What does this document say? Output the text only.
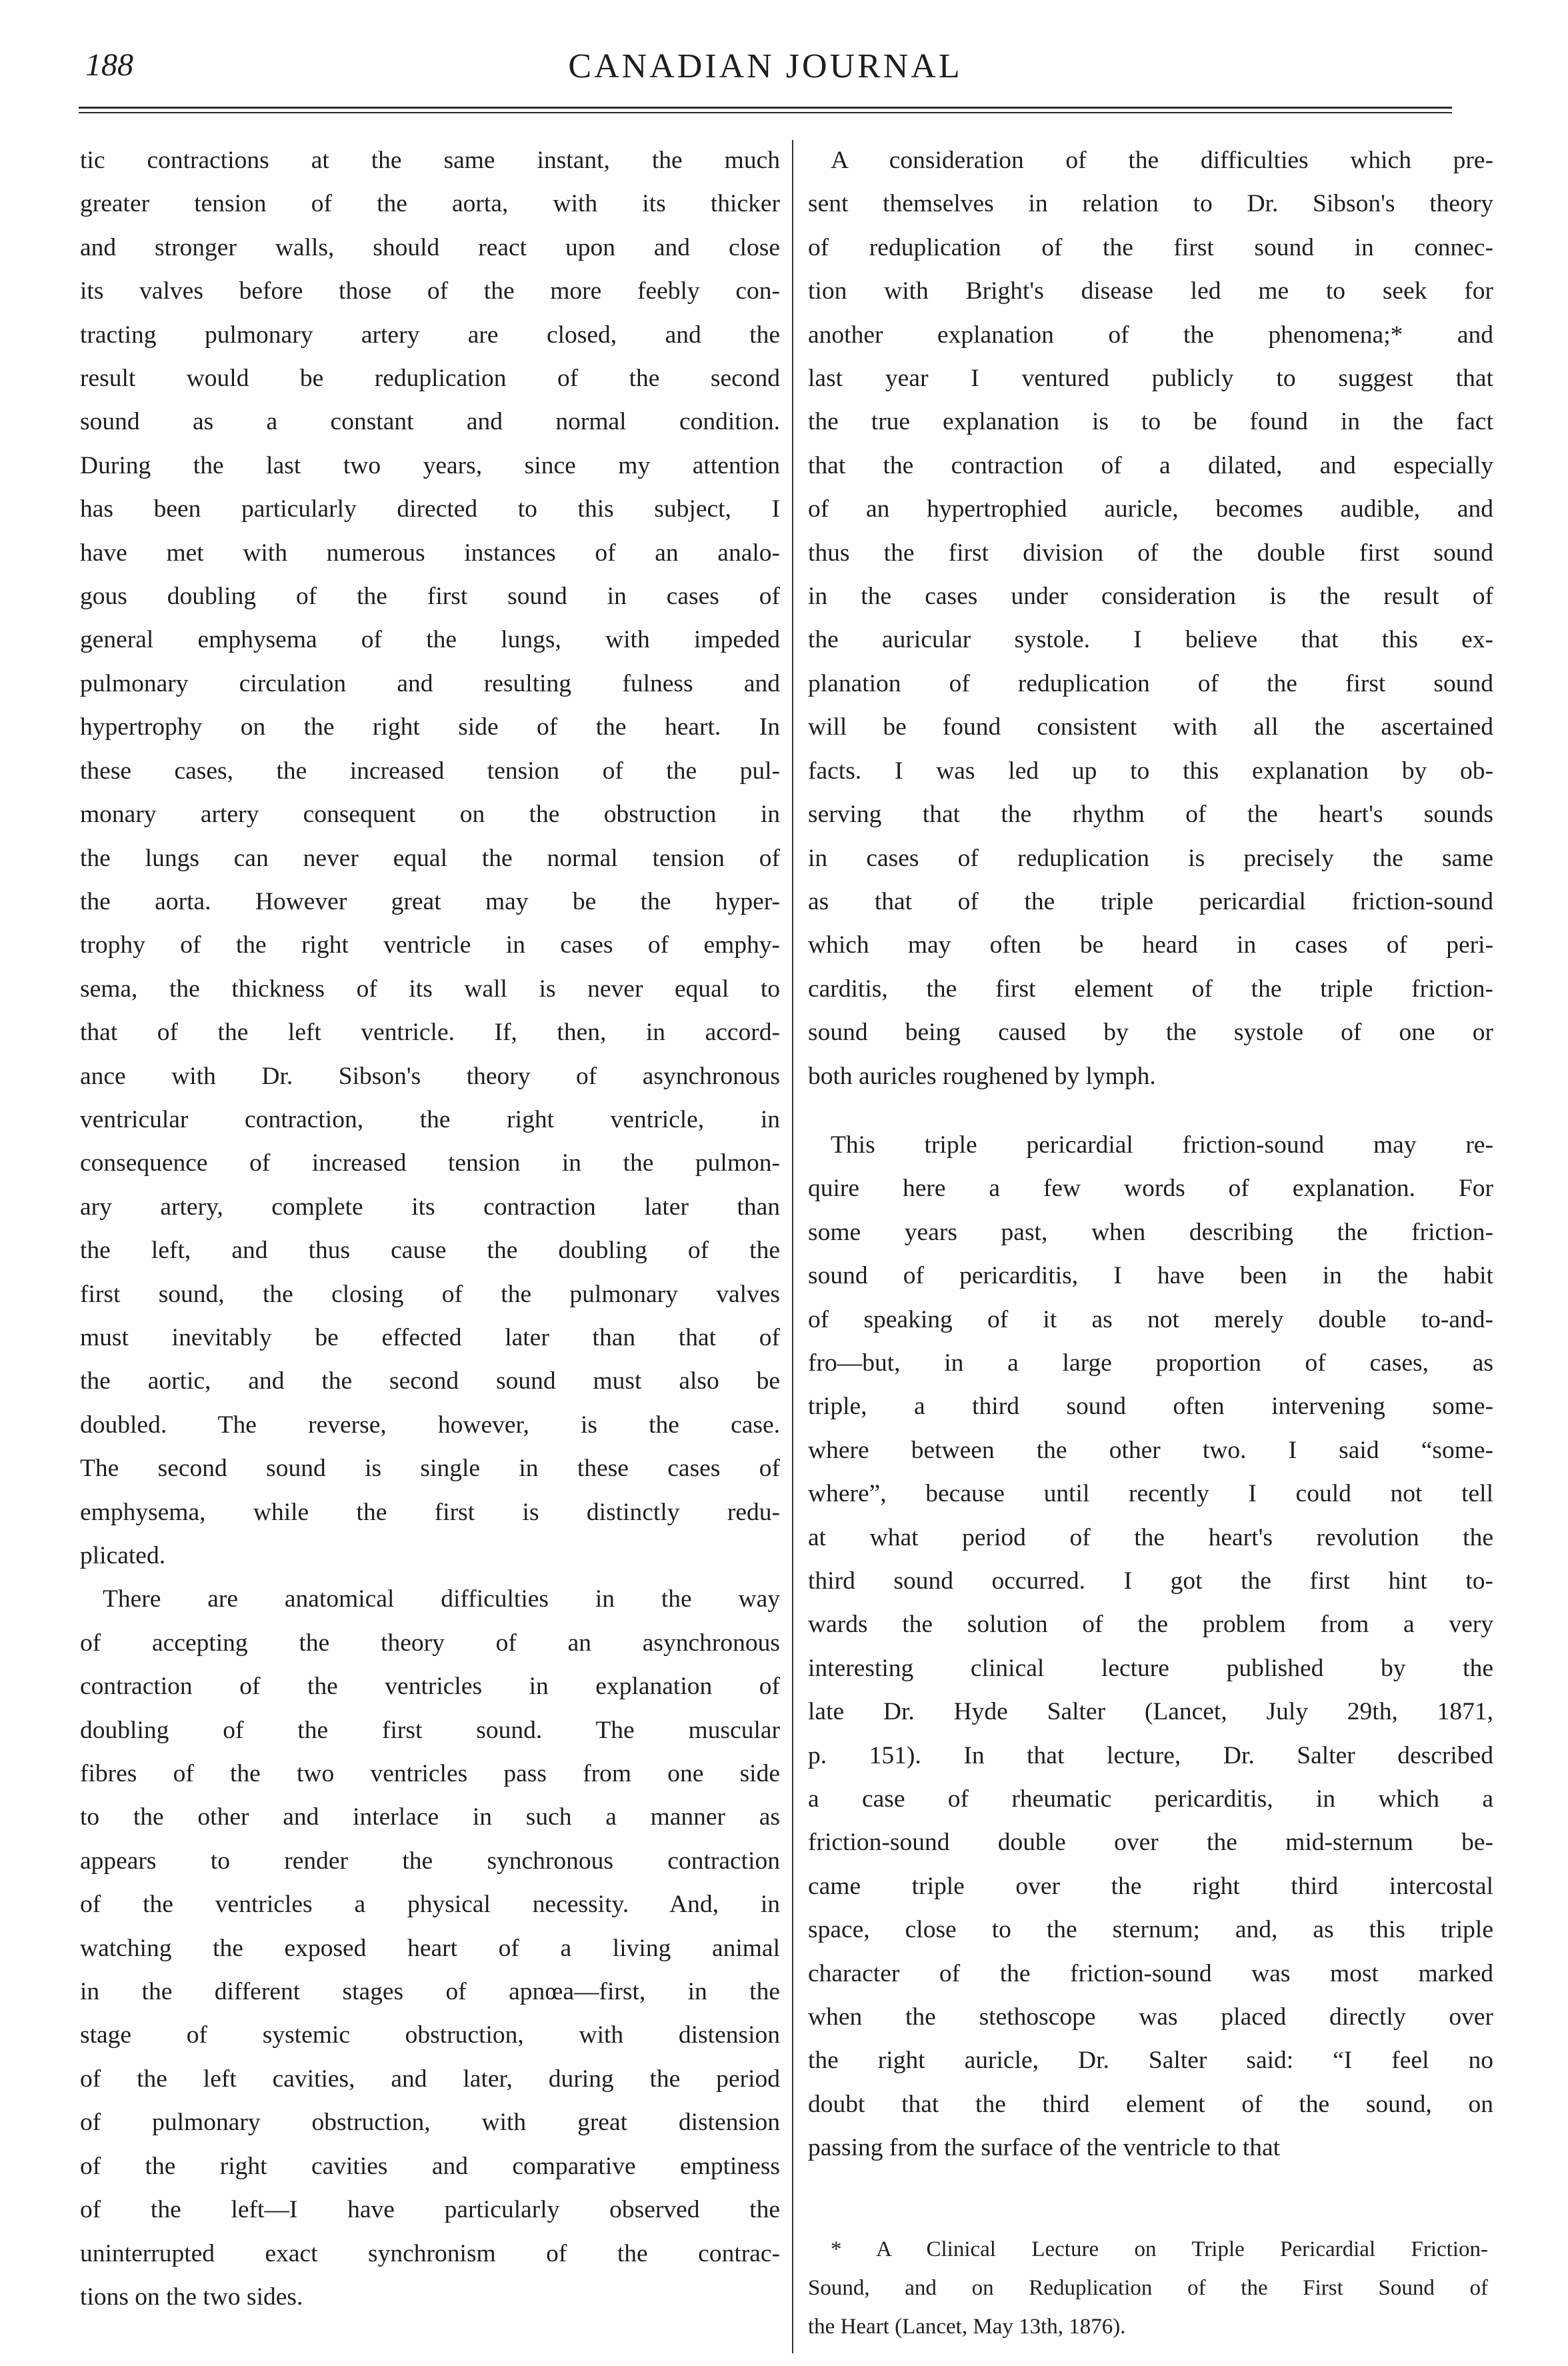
188	CANADIAN JOURNAL
tic contractions at the same instant, the much
greater tension of the aorta, with its thicker
and stronger walls, should react upon and close
its valves before those of the more feebly con-
tracting pulmonary artery are closed, and the
result would be reduplication of the second
sound as a constant and normal condition.
During the last two years, since my attention
has been particularly directed to this subject, I
have met with numerous instances of an analo-
gous doubling of the first sound in cases of
general emphysema of the lungs, with impeded
pulmonary circulation and resulting fulness and
hypertrophy on the right side of the heart. In
these cases, the increased tension of the pul-
monary artery consequent on the obstruction in
the lungs can never equal the normal tension of
the aorta. However great may be the hyper-
trophy of the right ventricle in cases of emphy-
sema, the thickness of its wall is never equal to
that of the left ventricle. If, then, in accord-
ance with Dr. Sibson's theory of asynchronous
ventricular contraction, the right ventricle, in
consequence of increased tension in the pulmon-
ary artery, complete its contraction later than
the left, and thus cause the doubling of the
first sound, the closing of the pulmonary valves
must inevitably be effected later than that of
the aortic, and the second sound must also be
doubled. The reverse, however, is the case.
The second sound is single in these cases of
emphysema, while the first is distinctly redu-
plicated.
There are anatomical difficulties in the way
of accepting the theory of an asynchronous
contraction of the ventricles in explanation of
doubling of the first sound. The muscular
fibres of the two ventricles pass from one side
to the other and interlace in such a manner as
appears to render the synchronous contraction
of the ventricles a physical necessity. And, in
watching the exposed heart of a living animal
in the different stages of apnœa—first, in the
stage of systemic obstruction, with distension
of the left cavities, and later, during the period
of pulmonary obstruction, with great distension
of the right cavities and comparative emptiness
of the left—I have particularly observed the
uninterrupted exact synchronism of the contrac-
tions on the two sides.
A consideration of the difficulties which pre-
sent themselves in relation to Dr. Sibson's theory
of reduplication of the first sound in connec-
tion with Bright's disease led me to seek for
another explanation of the phenomena;* and
last year I ventured publicly to suggest that
the true explanation is to be found in the fact
that the contraction of a dilated, and especially
of an hypertrophied auricle, becomes audible, and
thus the first division of the double first sound
in the cases under consideration is the result of
the auricular systole. I believe that this ex-
planation of reduplication of the first sound
will be found consistent with all the ascertained
facts. I was led up to this explanation by ob-
serving that the rhythm of the heart's sounds
in cases of reduplication is precisely the same
as that of the triple pericardial friction-sound
which may often be heard in cases of peri-
carditis, the first element of the triple friction-
sound being caused by the systole of one or
both auricles roughened by lymph.
This triple pericardial friction-sound may re-
quire here a few words of explanation. For
some years past, when describing the friction-
sound of pericarditis, I have been in the habit
of speaking of it as not merely double to-and-
fro—but, in a large proportion of cases, as
triple, a third sound often intervening some-
where between the other two. I said “some-
where”, because until recently I could not tell
at what period of the heart's revolution the
third sound occurred. I got the first hint to-
wards the solution of the problem from a very
interesting clinical lecture published by the
late Dr. Hyde Salter (Lancet, July 29th, 1871,
p. 151). In that lecture, Dr. Salter described
a case of rheumatic pericarditis, in which a
friction-sound double over the mid-sternum be-
came triple over the right third intercostal
space, close to the sternum; and, as this triple
character of the friction-sound was most marked
when the stethoscope was placed directly over
the right auricle, Dr. Salter said: “I feel no
doubt that the third element of the sound, on
passing from the surface of the ventricle to that
* A Clinical Lecture on Triple Pericardial Friction-
Sound, and on Reduplication of the First Sound of
the Heart (Lancet, May 13th, 1876).
